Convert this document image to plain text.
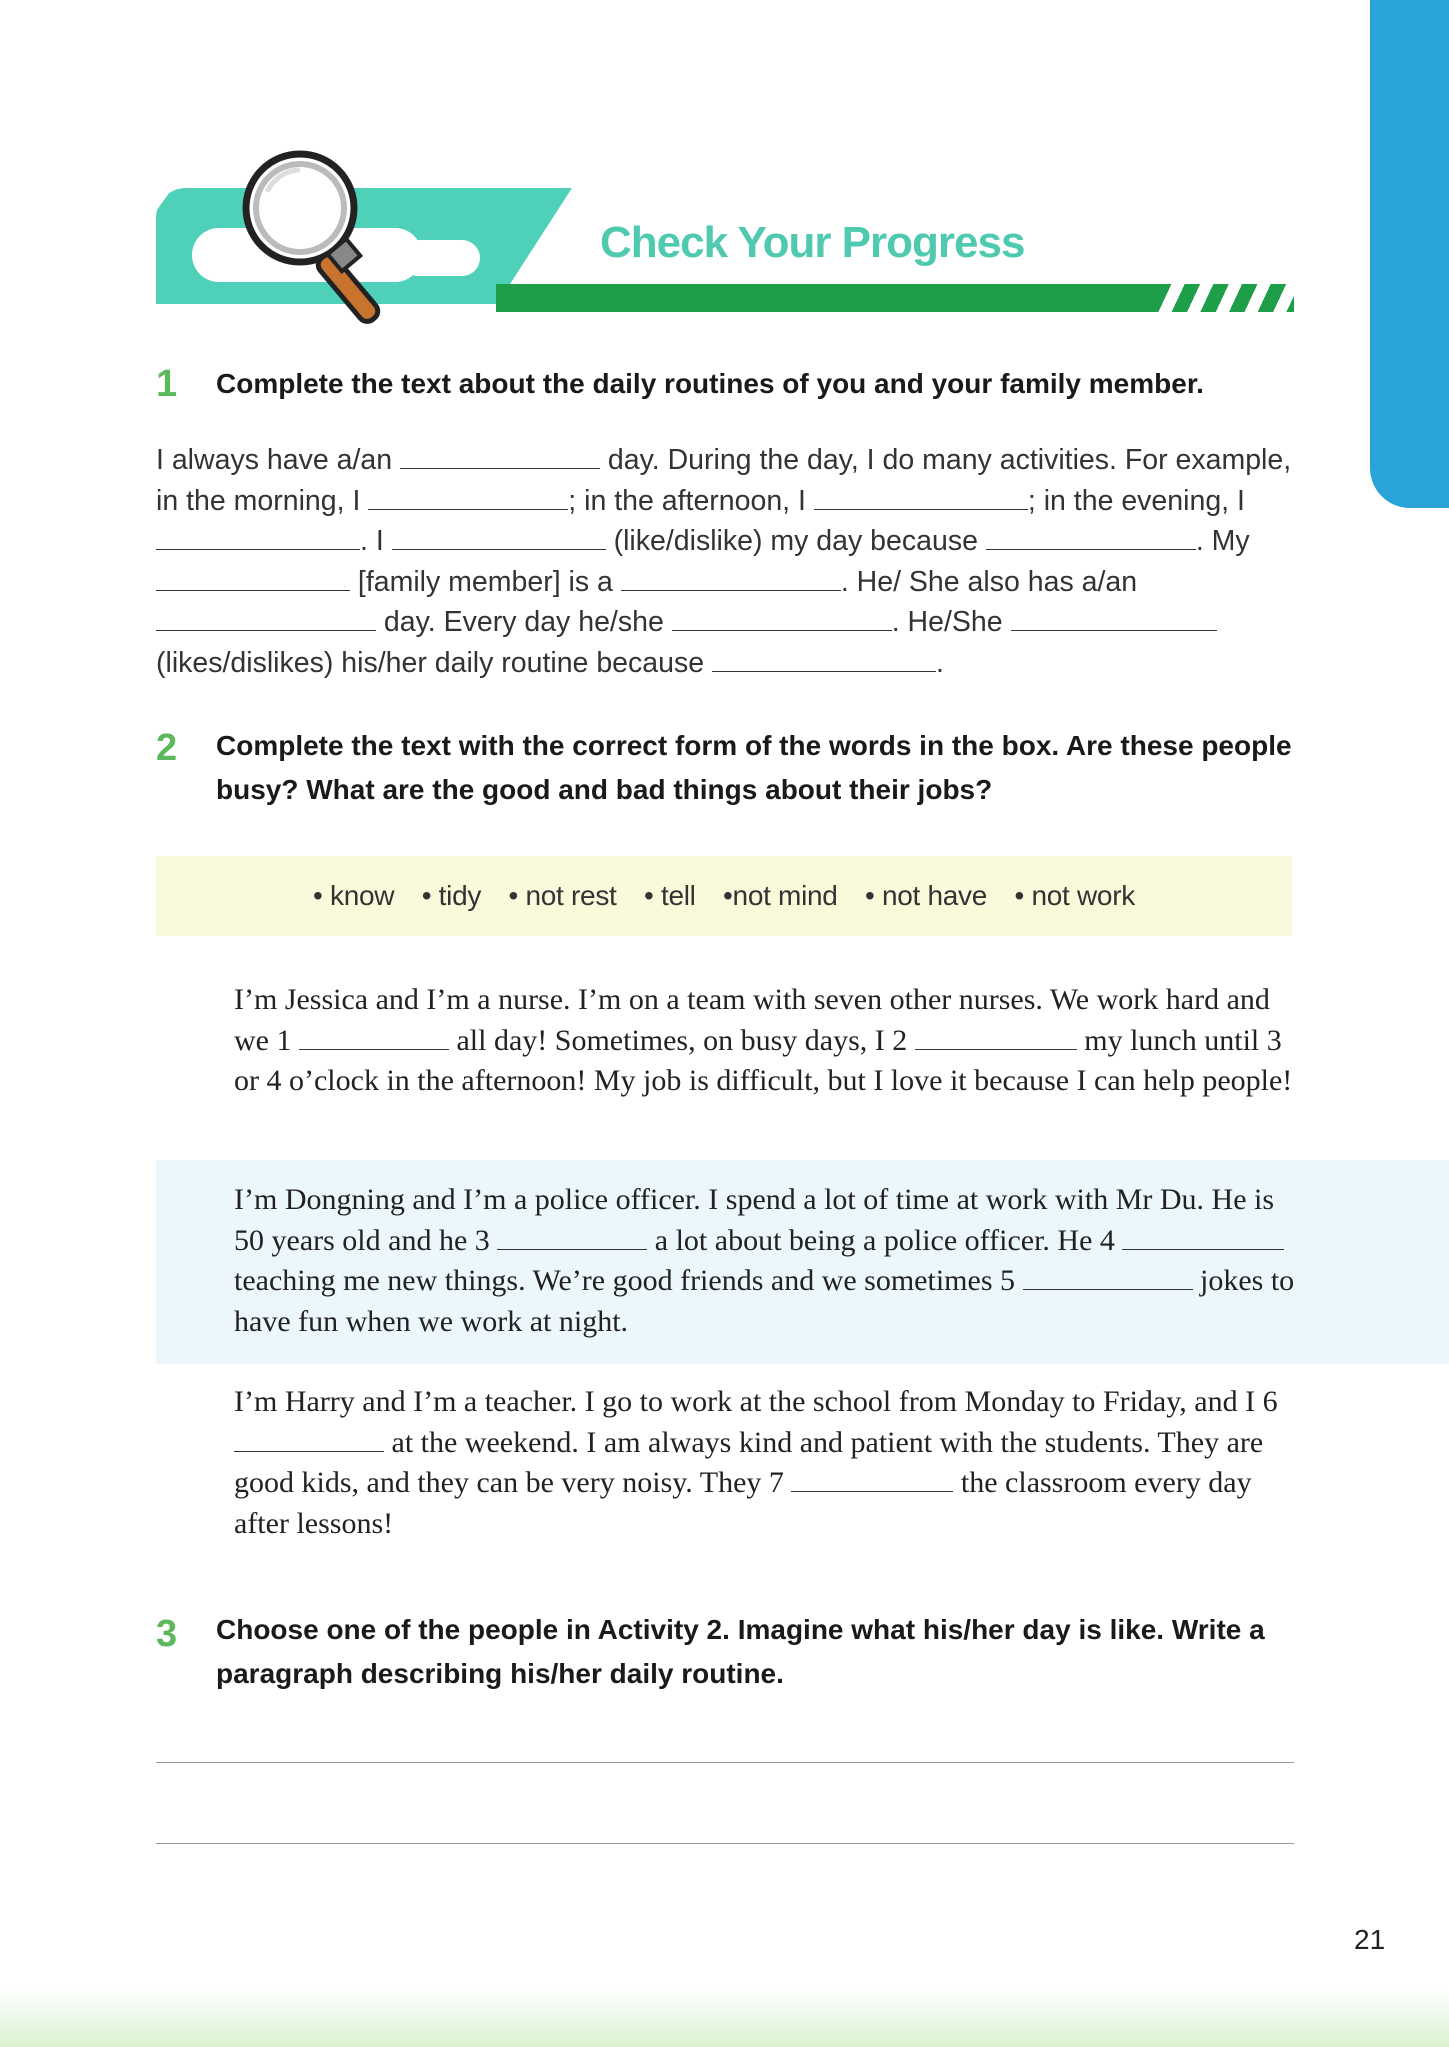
Unit 1 Every Day
Check Your Progress
1 Complete the text about the daily routines of you and your family member.

I always have a/an	day. During the day, I do many activities. For example, in the morning, I	; in the afternoon, I	; in the evening, I . I	(like/dislike) my day because	. My  [family member] is a	. He/ She also has a/an  day. Every day he/she	. He/She  (likes/dislikes) his/her daily routine because	.

2 Complete the text with the correct form of the words in the box. Are these people busy? What are the good and bad things about their jobs?
• know • tidy • not rest • tell •not mind • not have • not work

I’m Jessica and I’m a nurse. I’m on a team with seven other nurses. We work hard and we 1	all day! Sometimes, on busy days, I 2	my lunch until 3 or 4 o’clock in the afternoon! My job is difficult, but I love it because I can help people!

I’m Dongning and I’m a police officer. I spend a lot of time at work with Mr Du. He is 50 years old and he 3	a lot about being a police officer. He 4  teaching me new things. We’re good friends and we sometimes 5	jokes to have fun when we work at night.

I’m Harry and I’m a teacher. I go to work at the school from Monday to Friday, and I 6  at the weekend. I am always kind and patient with the students. They are good kids, and they can be very noisy. They 7	the classroom every day after lessons!

3 Choose one of the people in Activity 2. Imagine what his/her day is like. Write a paragraph describing his/her daily routine.
21
